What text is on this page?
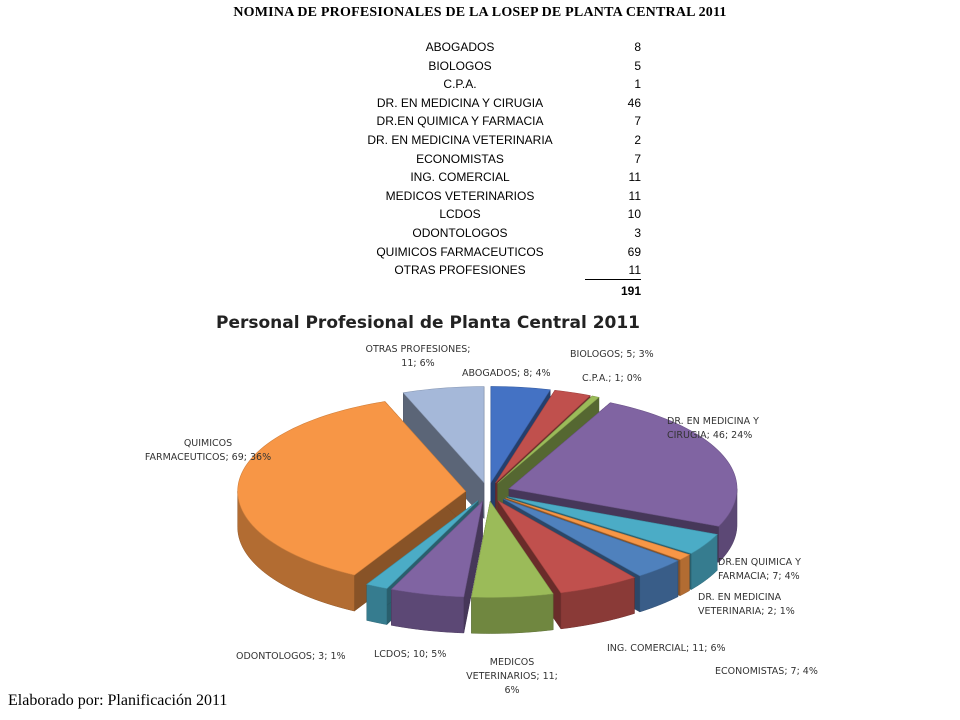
NOMINA DE PROFESIONALES DE LA LOSEP DE PLANTA CENTRAL 2011
ABOGADOS	8
BIOLOGOS	5
C.P.A.	1
DR. EN MEDICINA Y CIRUGIA	46
DR.EN QUIMICA Y FARMACIA	7
DR. EN MEDICINA VETERINARIA	2
ECONOMISTAS	7
ING. COMERCIAL	11
MEDICOS VETERINARIOS	11
LCDOS	10
ODONTOLOGOS	3
QUIMICOS FARMACEUTICOS	69
OTRAS PROFESIONES	11
191
ABOGADOS; 8; 4%
BIOLOGOS; 5; 3%
C.P.A.; 1; 0%
DR. EN MEDICINA Y CIRUGIA; 46; 24%
DR.EN QUIMICA Y FARMACIA; 7; 4%
DR. EN MEDICINA VETERINARIA; 2; 1%
ECONOMISTAS; 7; 4%
ING. COMERCIAL; 11; 6%
MEDICOS VETERINARIOS; 11; 6%
LCDOS; 10; 5%
ODONTOLOGOS; 3; 1%
QUIMICOS FARMACEUTICOS; 69; 36%
OTRAS PROFESIONES; 11; 6%
Personal Profesional de Planta Central 2011
Elaborado por: Planificación 2011
